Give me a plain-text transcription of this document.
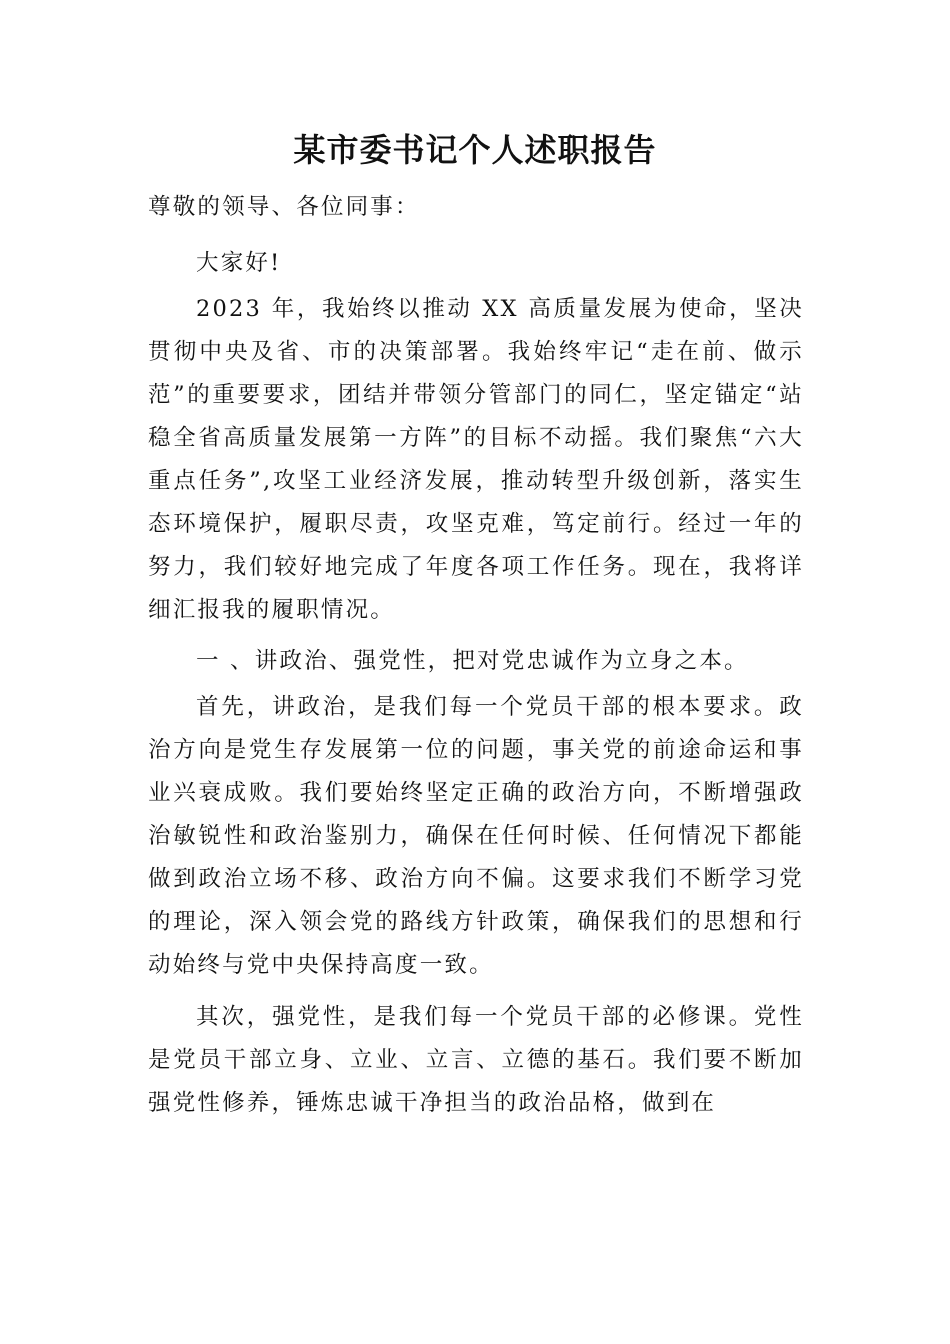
某市委书记个人述职报告

尊敬的领导、各位同事：

大家好!

2023 年，我始终以推动 XX 高质量发展为使命，坚决贯彻中央及省、市的决策部署。我始终牢记“走在前、做示范”的重要要求，团结并带领分管部门的同仁，坚定锚定“站稳全省高质量发展第一方阵”的目标不动摇。我们聚焦“六大重点任务”,攻坚工业经济发展，推动转型升级创新，落实生态环境保护，履职尽责，攻坚克难，笃定前行。经过一年的努力，我们较好地完成了年度各项工作任务。现在，我将详细汇报我的履职情况。

一 、讲政治、强党性，把对党忠诚作为立身之本。

首先，讲政治，是我们每一个党员干部的根本要求。政治方向是党生存发展第一位的问题，事关党的前途命运和事业兴衰成败。我们要始终坚定正确的政治方向，不断增强政治敏锐性和政治鉴别力，确保在任何时候、任何情况下都能做到政治立场不移、政治方向不偏。这要求我们不断学习党的理论，深入领会党的路线方针政策，确保我们的思想和行动始终与党中央保持高度一致。

其次，强党性，是我们每一个党员干部的必修课。党性是党员干部立身、立业、立言、立德的基石。我们要不断加强党性修养，锤炼忠诚干净担当的政治品格，做到在
